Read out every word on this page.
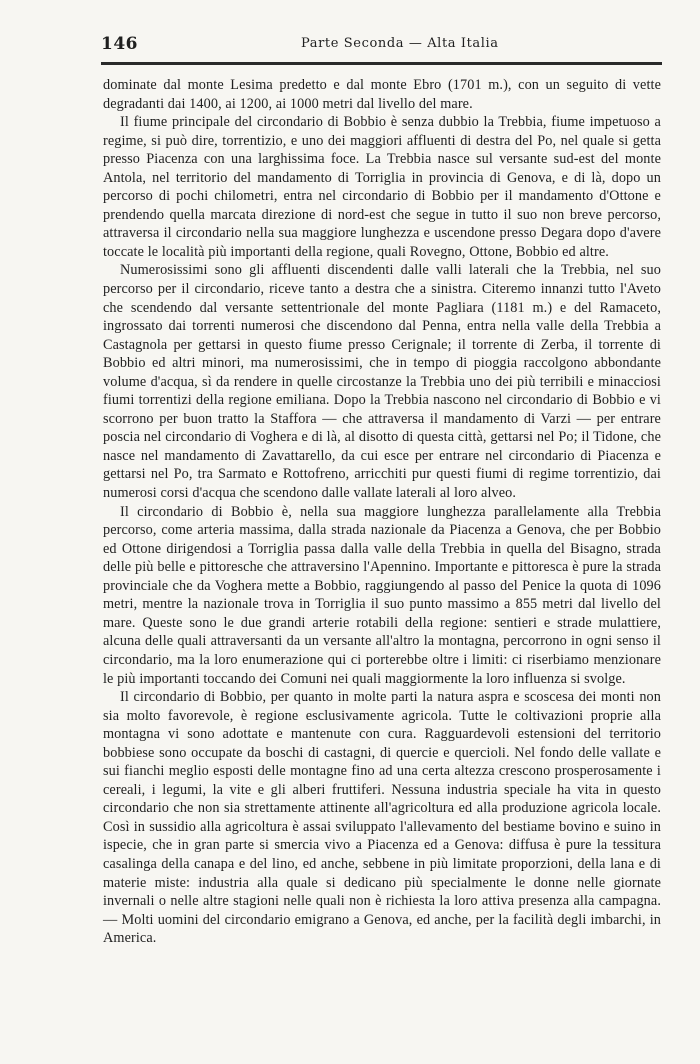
146	Parte Seconda — Alta Italia

dominate dal monte Lesima predetto e dal monte Ebro (1701 m.), con un seguito di vette degradanti dai 1400, ai 1200, ai 1000 metri dal livello del mare.

Il fiume principale del circondario di Bobbio è senza dubbio la Trebbia, fiume impetuoso a regime, si può dire, torrentizio, e uno dei maggiori affluenti di destra del Po, nel quale si getta presso Piacenza con una larghissima foce. La Trebbia nasce sul versante sud-est del monte Antola, nel territorio del mandamento di Torriglia in provincia di Genova, e di là, dopo un percorso di pochi chilometri, entra nel circondario di Bobbio per il mandamento d'Ottone e prendendo quella marcata direzione di nord-est che segue in tutto il suo non breve percorso, attraversa il circondario nella sua maggiore lunghezza e uscendone presso Degara dopo d'avere toccate le località più importanti della regione, quali Rovegno, Ottone, Bobbio ed altre.

Numerosissimi sono gli affluenti discendenti dalle valli laterali che la Trebbia, nel suo percorso per il circondario, riceve tanto a destra che a sinistra. Citeremo innanzi tutto l'Aveto che scendendo dal versante settentrionale del monte Pagliara (1181 m.) e del Ramaceto, ingrossato dai torrenti numerosi che discendono dal Penna, entra nella valle della Trebbia a Castagnola per gettarsi in questo fiume presso Cerignale; il torrente di Zerba, il torrente di Bobbio ed altri minori, ma numerosissimi, che in tempo di pioggia raccolgono abbondante volume d'acqua, sì da rendere in quelle circostanze la Trebbia uno dei più terribili e minacciosi fiumi torrentizi della regione emiliana. Dopo la Trebbia nascono nel circondario di Bobbio e vi scorrono per buon tratto la Staffora — che attraversa il mandamento di Varzi — per entrare poscia nel circondario di Voghera e di là, al disotto di questa città, gettarsi nel Po; il Tidone, che nasce nel mandamento di Zavattarello, da cui esce per entrare nel circondario di Piacenza e gettarsi nel Po, tra Sarmato e Rottofreno, arricchiti pur questi fiumi di regime torrentizio, dai numerosi corsi d'acqua che scendono dalle vallate laterali al loro alveo.

Il circondario di Bobbio è, nella sua maggiore lunghezza parallelamente alla Trebbia percorso, come arteria massima, dalla strada nazionale da Piacenza a Genova, che per Bobbio ed Ottone dirigendosi a Torriglia passa dalla valle della Trebbia in quella del Bisagno, strada delle più belle e pittoresche che attraversino l'Apennino. Importante e pittoresca è pure la strada provinciale che da Voghera mette a Bobbio, raggiungendo al passo del Penice la quota di 1096 metri, mentre la nazionale trova in Torriglia il suo punto massimo a 855 metri dal livello del mare. Queste sono le due grandi arterie rotabili della regione: sentieri e strade mulattiere, alcuna delle quali attraversanti da un versante all'altro la montagna, percorrono in ogni senso il circondario, ma la loro enumerazione qui ci porterebbe oltre i limiti: ci riserbiamo menzionare le più importanti toccando dei Comuni nei quali maggiormente la loro influenza si svolge.

Il circondario di Bobbio, per quanto in molte parti la natura aspra e scoscesa dei monti non sia molto favorevole, è regione esclusivamente agricola. Tutte le coltivazioni proprie alla montagna vi sono adottate e mantenute con cura. Ragguardevoli estensioni del territorio bobbiese sono occupate da boschi di castagni, di quercie e quercioli. Nel fondo delle vallate e sui fianchi meglio esposti delle montagne fino ad una certa altezza crescono prosperosamente i cereali, i legumi, la vite e gli alberi fruttiferi. Nessuna industria speciale ha vita in questo circondario che non sia strettamente attinente all'agricoltura ed alla produzione agricola locale. Così in sussidio alla agricoltura è assai sviluppato l'allevamento del bestiame bovino e suino in ispecie, che in gran parte si smercia vivo a Piacenza ed a Genova: diffusa è pure la tessitura casalinga della canapa e del lino, ed anche, sebbene in più limitate proporzioni, della lana e di materie miste: industria alla quale si dedicano più specialmente le donne nelle giornate invernali o nelle altre stagioni nelle quali non è richiesta la loro attiva presenza alla campagna. — Molti uomini del circondario emigrano a Genova, ed anche, per la facilità degli imbarchi, in America.
